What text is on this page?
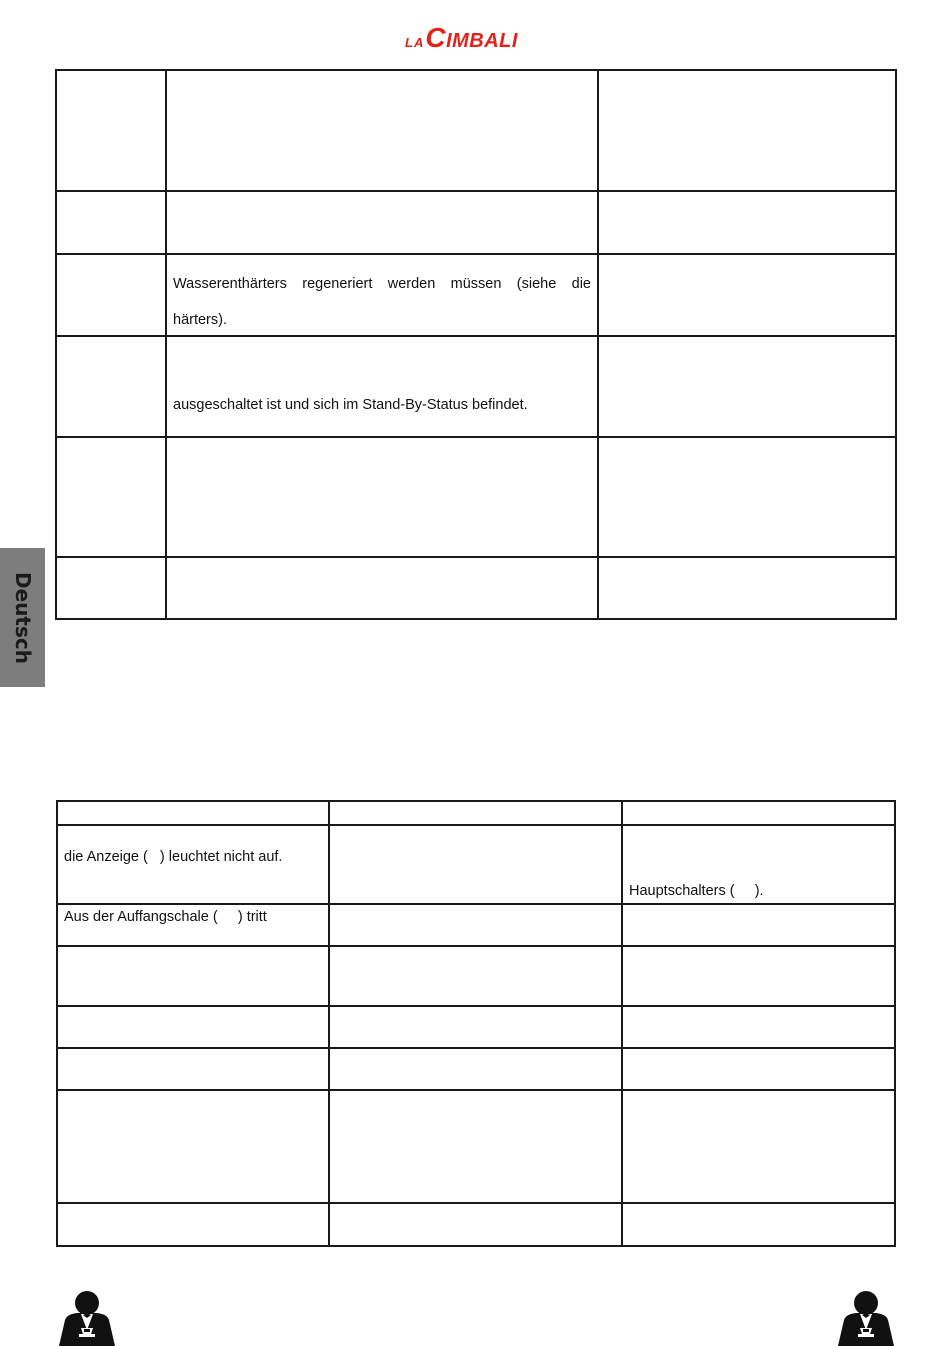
LA CIMBALI
Deutsch

	Wasserenthärters regeneriert werden müssen (siehe die
härters).	

	ausgeschaltet ist und sich im Stand-By-Status befindet.	

die Anzeige (   ) leuchtet nicht auf.		Hauptschalters (     ).
Aus der Auffangschale (     ) tritt		
